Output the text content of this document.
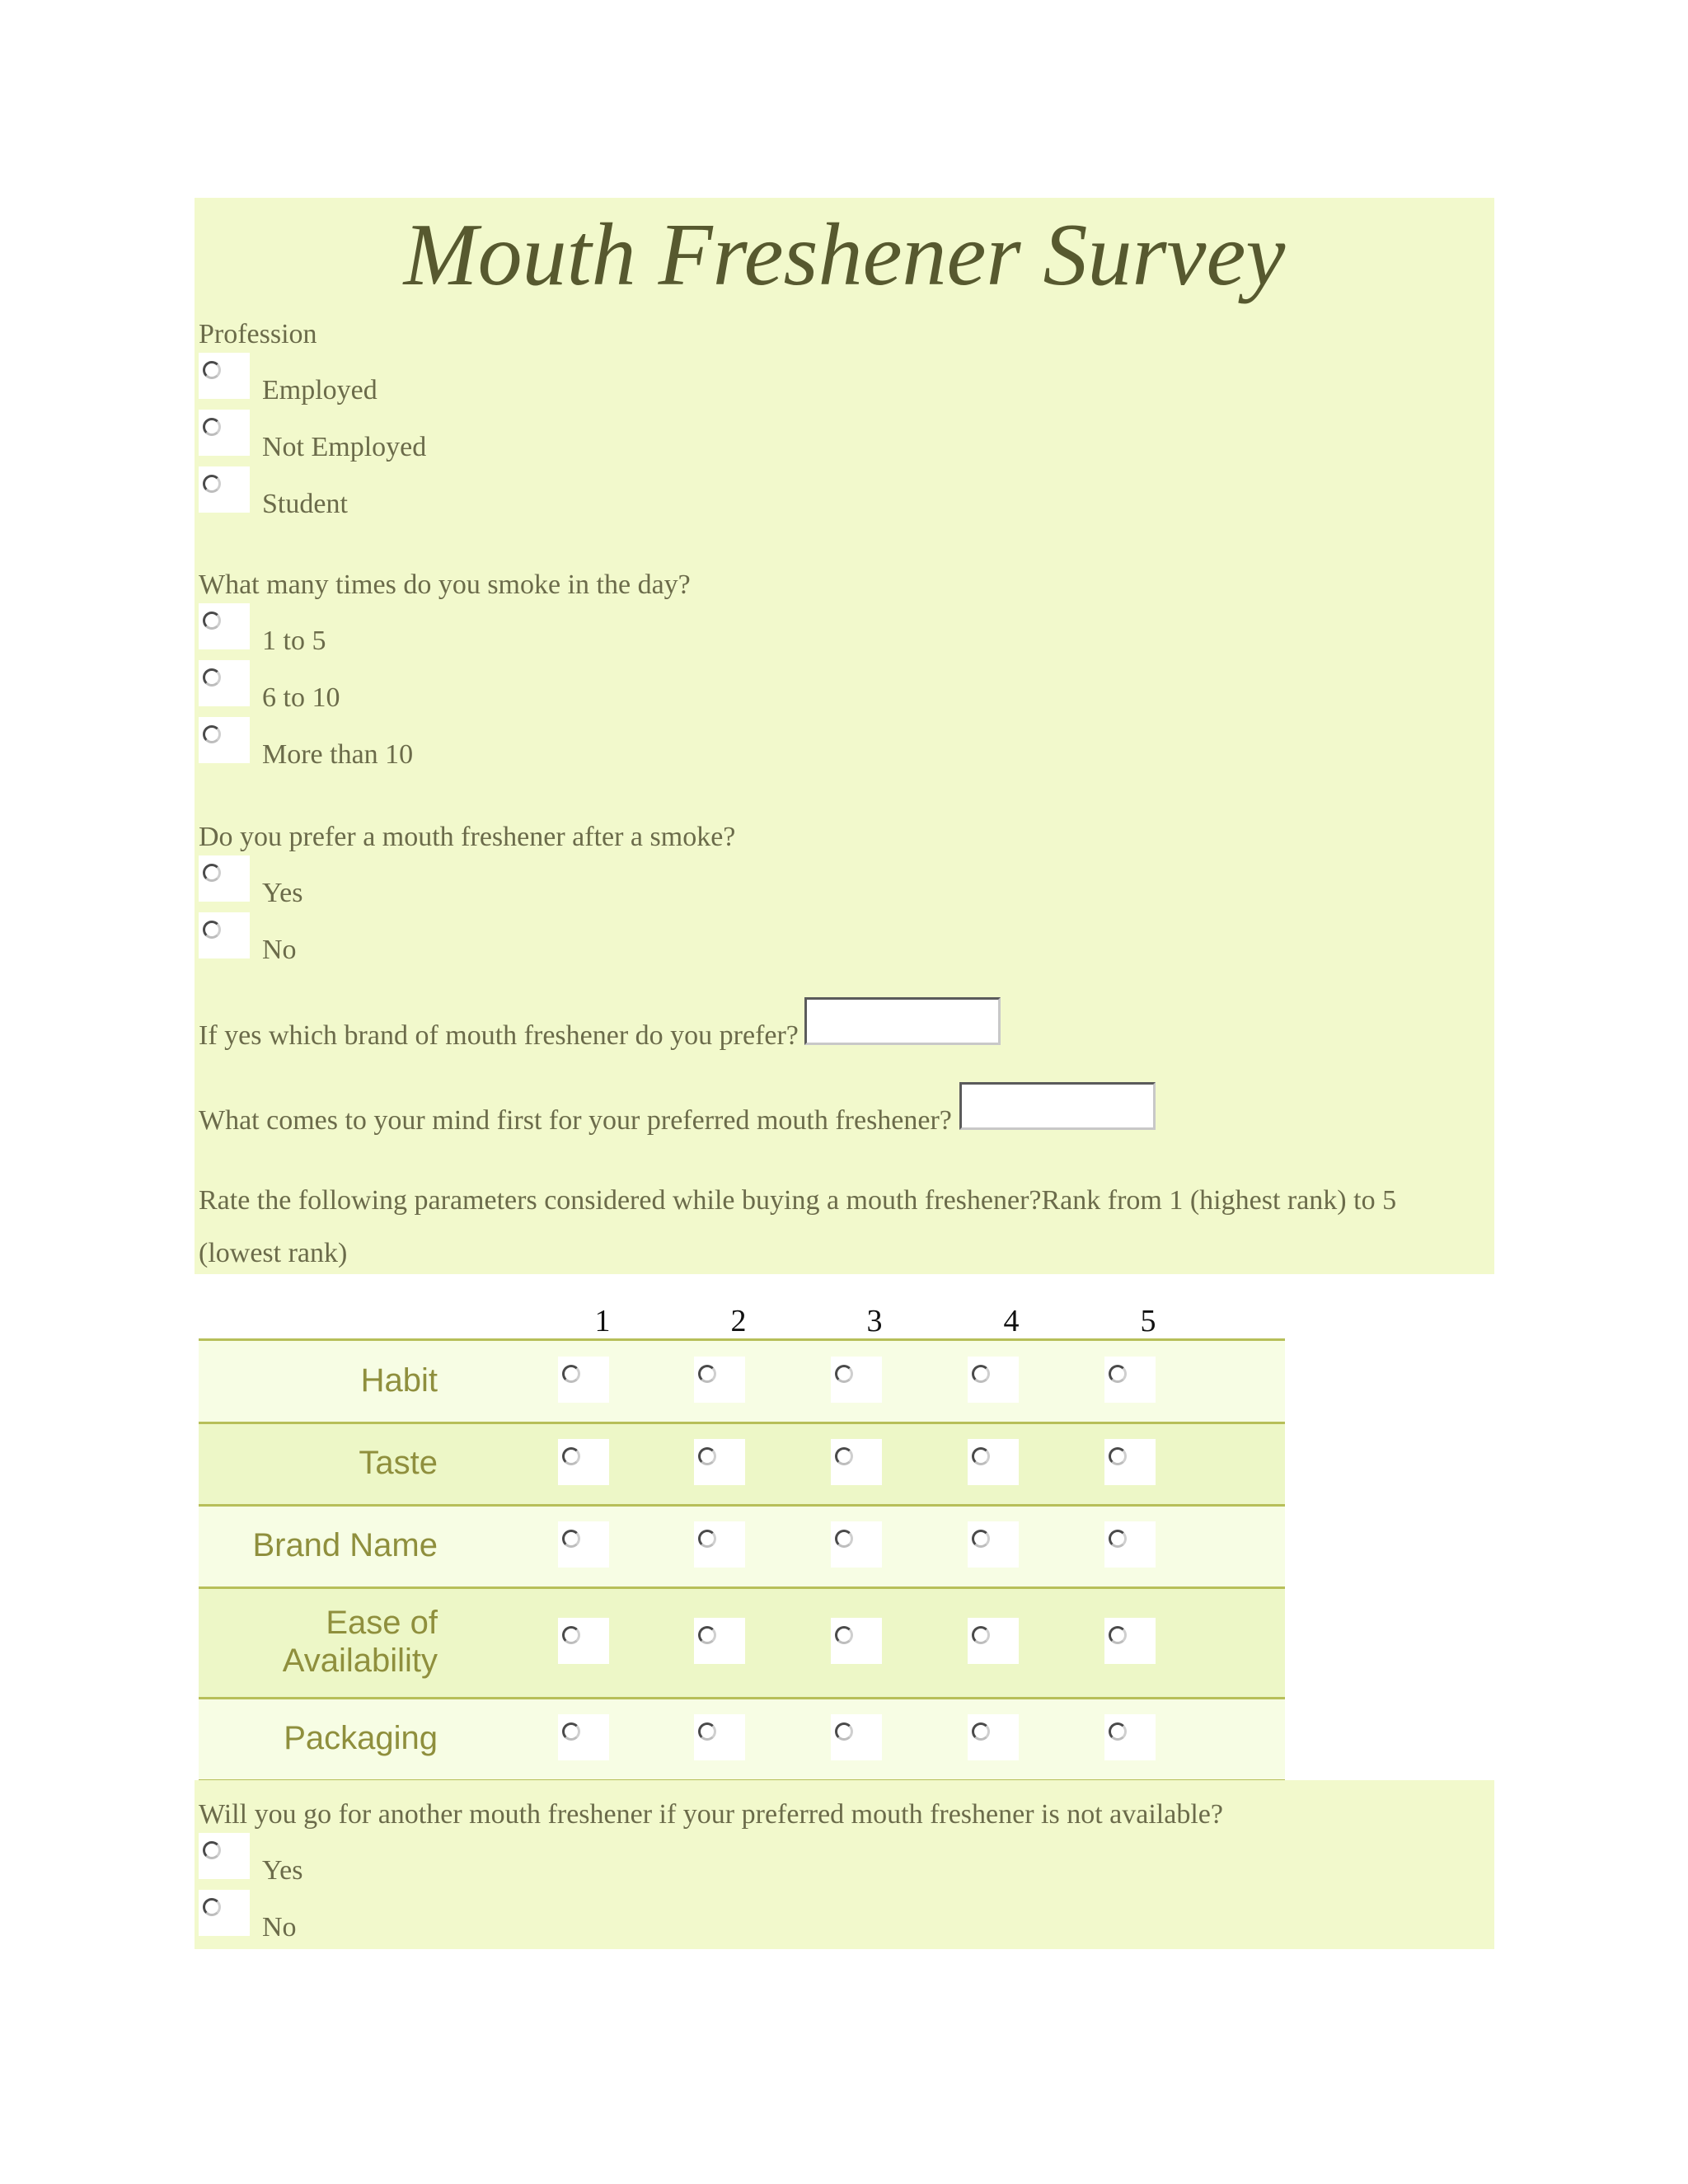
Mouth Freshener Survey
Profession
Employed
Not Employed
Student
What many times do you smoke in the day?
1 to 5
6 to 10
More than 10
Do you prefer a mouth freshener after a smoke?
Yes
No
If yes which brand of mouth freshener do you prefer?
What comes to your mind first for your preferred mouth freshener?
Rate the following parameters considered while buying a mouth freshener?Rank from 1 (highest rank) to 5 (lowest rank)
1	2	3	4	5
Habit
Taste
Brand Name
Ease of
Availability
Packaging
Will you go for another mouth freshener if your preferred mouth freshener is not available?
Yes
No
